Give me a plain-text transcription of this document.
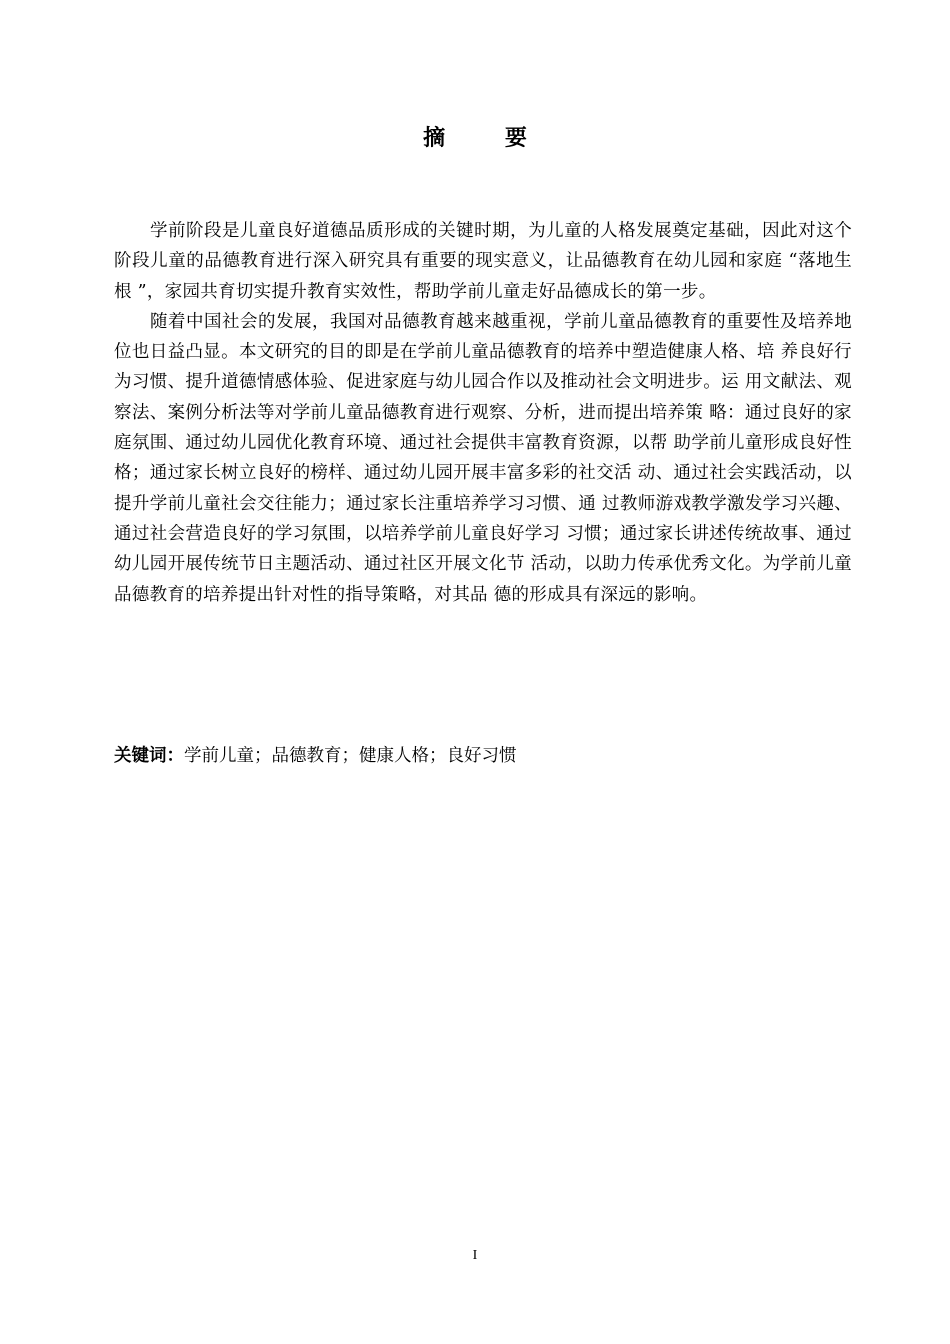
摘 要

学前阶段是儿童良好道德品质形成的关键时期，为儿童的人格发展奠定基础，因此对这个阶段儿童的品德教育进行深入研究具有重要的现实意义，让品德教育在幼儿园和家庭 “落地生根 ”，家园共育切实提升教育实效性，帮助学前儿童走好品德成长的第一步。

随着中国社会的发展，我国对品德教育越来越重视，学前儿童品德教育的重要性及培养地位也日益凸显。本文研究的目的即是在学前儿童品德教育的培养中塑造健康人格、培 养良好行为习惯、提升道德情感体验、促进家庭与幼儿园合作以及推动社会文明进步。运 用文献法、观察法、案例分析法等对学前儿童品德教育进行观察、分析，进而提出培养策 略：通过良好的家庭氛围、通过幼儿园优化教育环境、通过社会提供丰富教育资源，以帮 助学前儿童形成良好性格；通过家长树立良好的榜样、通过幼儿园开展丰富多彩的社交活 动、通过社会实践活动，以提升学前儿童社会交往能力；通过家长注重培养学习习惯、通 过教师游戏教学激发学习兴趣、通过社会营造良好的学习氛围，以培养学前儿童良好学习 习惯；通过家长讲述传统故事、通过幼儿园开展传统节日主题活动、通过社区开展文化节 活动，以助力传承优秀文化。为学前儿童品德教育的培养提出针对性的指导策略，对其品 德的形成具有深远的影响。

关键词：学前儿童；品德教育；健康人格；良好习惯
I
